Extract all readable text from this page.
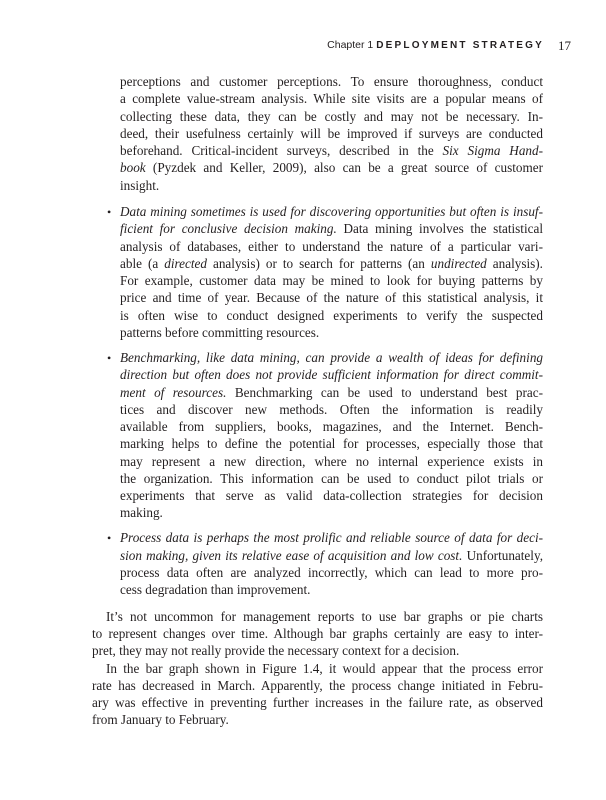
Chapter 1 DEPLOYMENT STRATEGY 17
perceptions and customer perceptions. To ensure thoroughness, conduct
a complete value-stream analysis. While site visits are a popular means of
collecting these data, they can be costly and may not be necessary. In-
deed, their usefulness certainly will be improved if surveys are conducted
beforehand. Critical-incident surveys, described in the Six Sigma Hand-
book (Pyzdek and Keller, 2009), also can be a great source of customer
insight.
• Data mining sometimes is used for discovering opportunities but often is insuf-
ficient for conclusive decision making. Data mining involves the statistical
analysis of databases, either to understand the nature of a particular vari-
able (a directed analysis) or to search for patterns (an undirected analysis).
For example, customer data may be mined to look for buying patterns by
price and time of year. Because of the nature of this statistical analysis, it
is often wise to conduct designed experiments to verify the suspected
patterns before committing resources.
• Benchmarking, like data mining, can provide a wealth of ideas for defining
direction but often does not provide sufficient information for direct commit-
ment of resources. Benchmarking can be used to understand best prac-
tices and discover new methods. Often the information is readily
available from suppliers, books, magazines, and the Internet. Bench-
marking helps to define the potential for processes, especially those that
may represent a new direction, where no internal experience exists in
the organization. This information can be used to conduct pilot trials or
experiments that serve as valid data-collection strategies for decision
making.
• Process data is perhaps the most prolific and reliable source of data for deci-
sion making, given its relative ease of acquisition and low cost. Unfortunately,
process data often are analyzed incorrectly, which can lead to more pro-
cess degradation than improvement.
It’s not uncommon for management reports to use bar graphs or pie charts
to represent changes over time. Although bar graphs certainly are easy to inter-
pret, they may not really provide the necessary context for a decision.
In the bar graph shown in Figure 1.4, it would appear that the process error
rate has decreased in March. Apparently, the process change initiated in Febru-
ary was effective in preventing further increases in the failure rate, as observed
from January to February.
